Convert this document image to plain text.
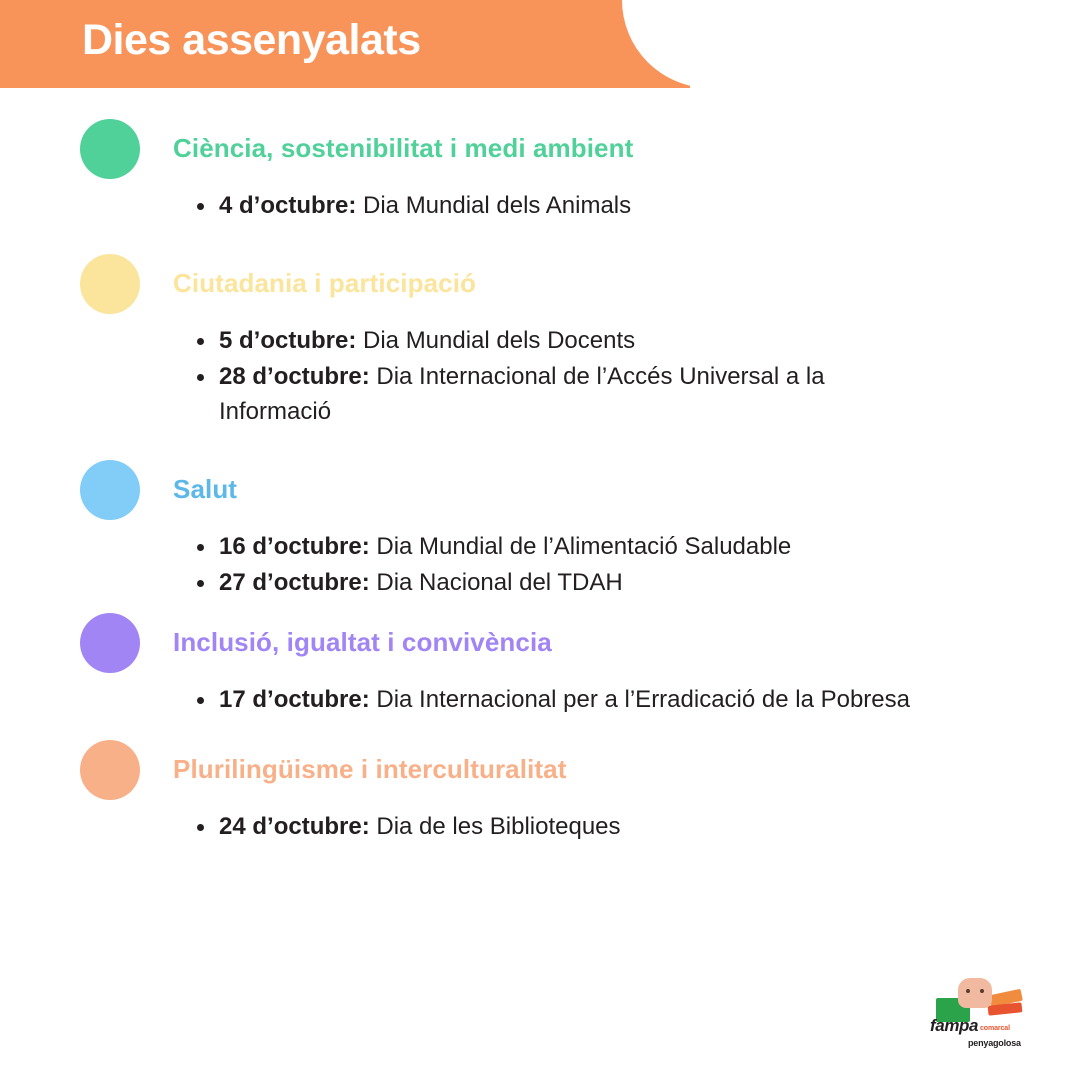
Dies assenyalats
Ciència, sostenibilitat i medi ambient
4 d’octubre: Dia Mundial dels Animals
Ciutadania i participació
5 d’octubre: Dia Mundial dels Docents
28 d’octubre: Dia Internacional de l’Accés Universal a la Informació
Salut
16 d’octubre: Dia Mundial de l’Alimentació Saludable
27 d’octubre: Dia Nacional del TDAH
Inclusió, igualtat i convivència
17 d’octubre: Dia Internacional per a l’Erradicació de la Pobresa
Plurilingüisme i interculturalitat
24 d’octubre: Dia de les Biblioteques
fampa comarcal
penyagolosa
